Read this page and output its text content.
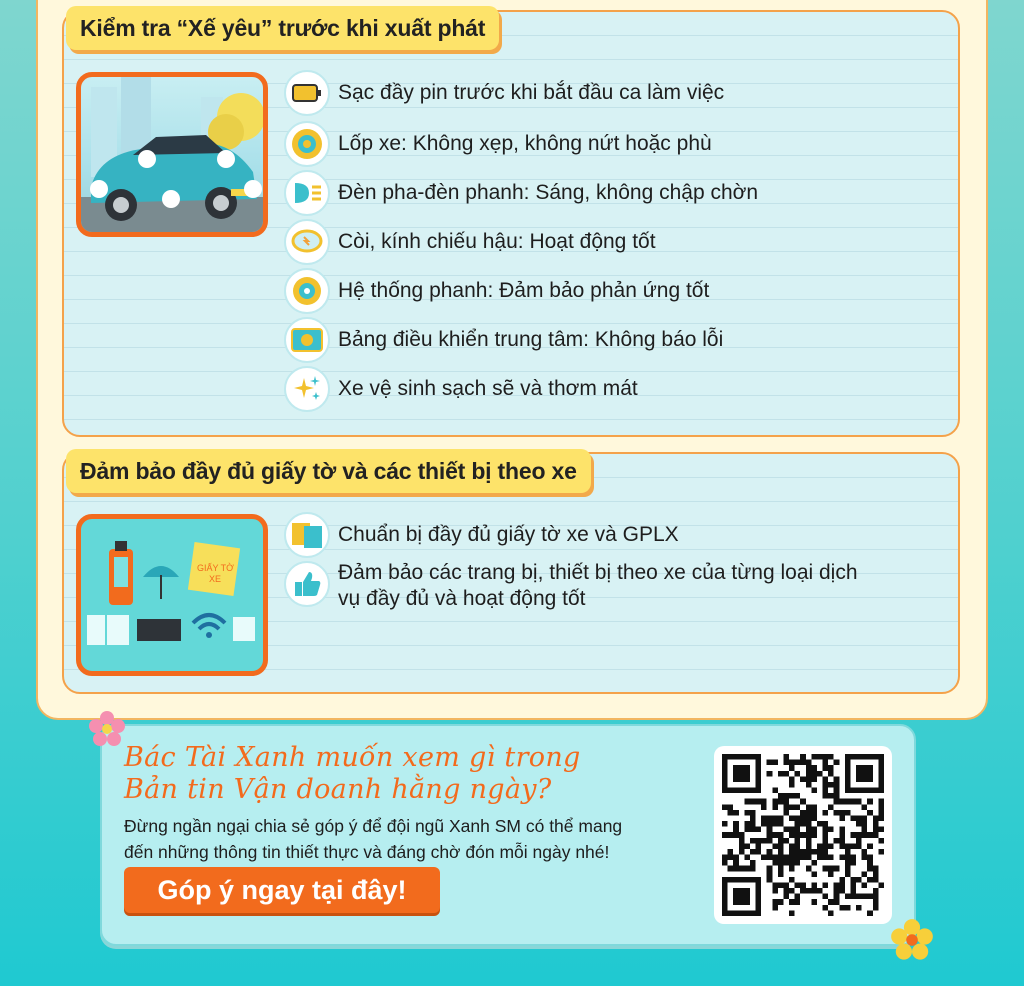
Kiểm tra “Xế yêu” trước khi xuất phát
Sạc đầy pin trước khi bắt đầu ca làm việc
Lốp xe: Không xẹp, không nứt hoặc phù
Đèn pha-đèn phanh: Sáng, không chập chờn
Còi, kính chiếu hậu: Hoạt động tốt
Hệ thống phanh: Đảm bảo phản ứng tốt
Bảng điều khiển trung tâm: Không báo lỗi
Xe vệ sinh sạch sẽ và thơm mát
Đảm bảo đầy đủ giấy tờ và các thiết bị theo xe
GIẤY TỜ
XE
Chuẩn bị đầy đủ giấy tờ xe và GPLX
Đảm bảo các trang bị, thiết bị theo xe của từng loại dịch
vụ đầy đủ và hoạt động tốt
Bác Tài Xanh muốn xem gì trong
Bản tin Vận doanh hằng ngày?
Đừng ngần ngại chia sẻ góp ý để đội ngũ Xanh SM có thể mang
đến những thông tin thiết thực và đáng chờ đón mỗi ngày nhé!
Góp ý ngay tại đây!
